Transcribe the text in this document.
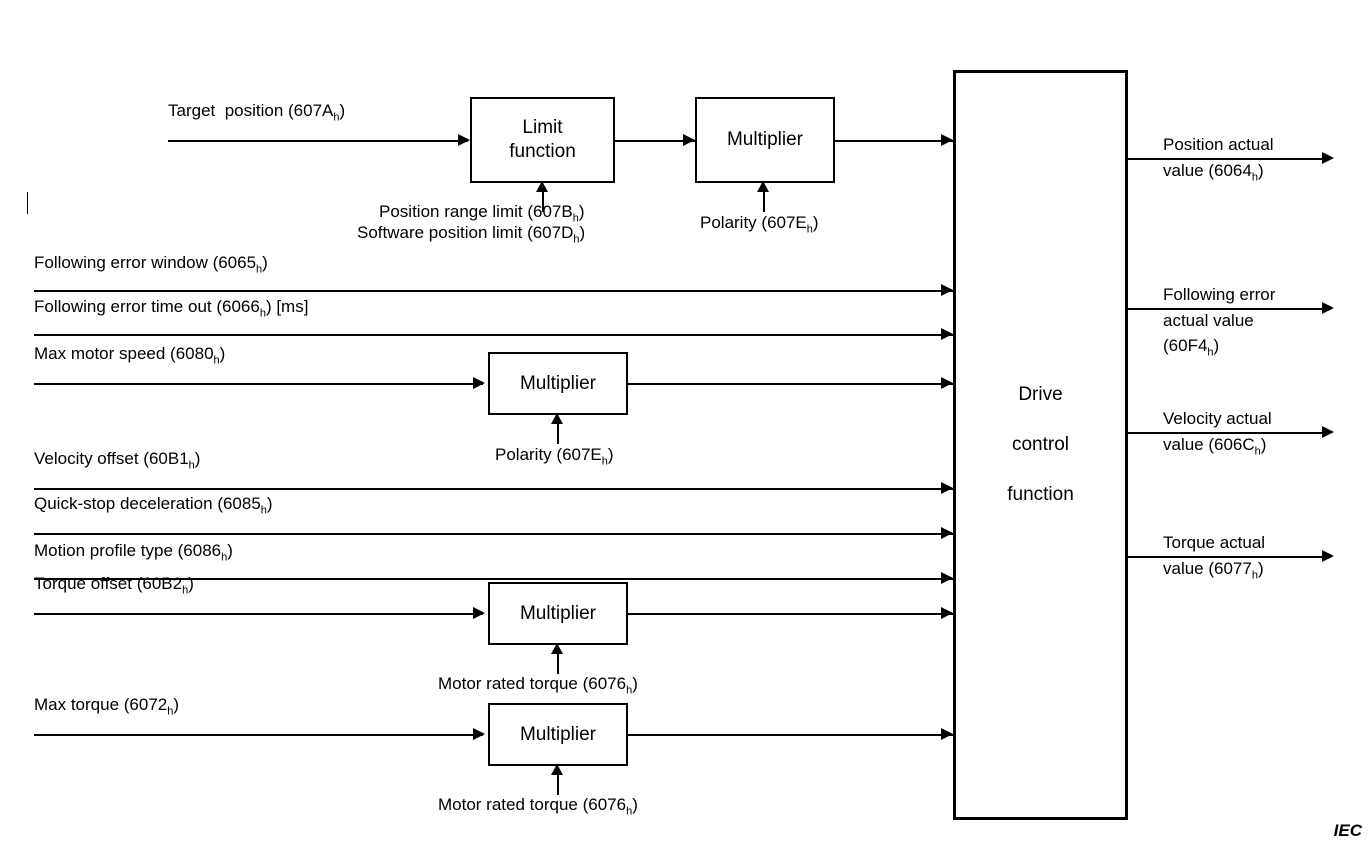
Drive
control
function
Target  position $(607A_h)$
Limit
function
Multiplier
Position range limit $(607B_h)$
Software position limit $(607D_h)$
Polarity $(607E_h)$
Following error window $(6065_h)$
Following error time out $(6066_h)$ [ms]
Max motor speed $(6080_h)$
Multiplier
Polarity $(607E_h)$
Velocity offset $(60B1_h)$
Quick-stop deceleration $(6085_h)$
Motion profile type $(6086_h)$
Torque offset $(60B2_h)$
Multiplier
Motor rated torque $(6076_h)$
Max torque $(6072_h)$
Multiplier
Motor rated torque $(6076_h)$
Position actual
value $(6064_h)$
Following error
actual value
$(60F4_h)$
Velocity actual
value $(606C_h)$
Torque actual
value $(6077_h)$
IEC
